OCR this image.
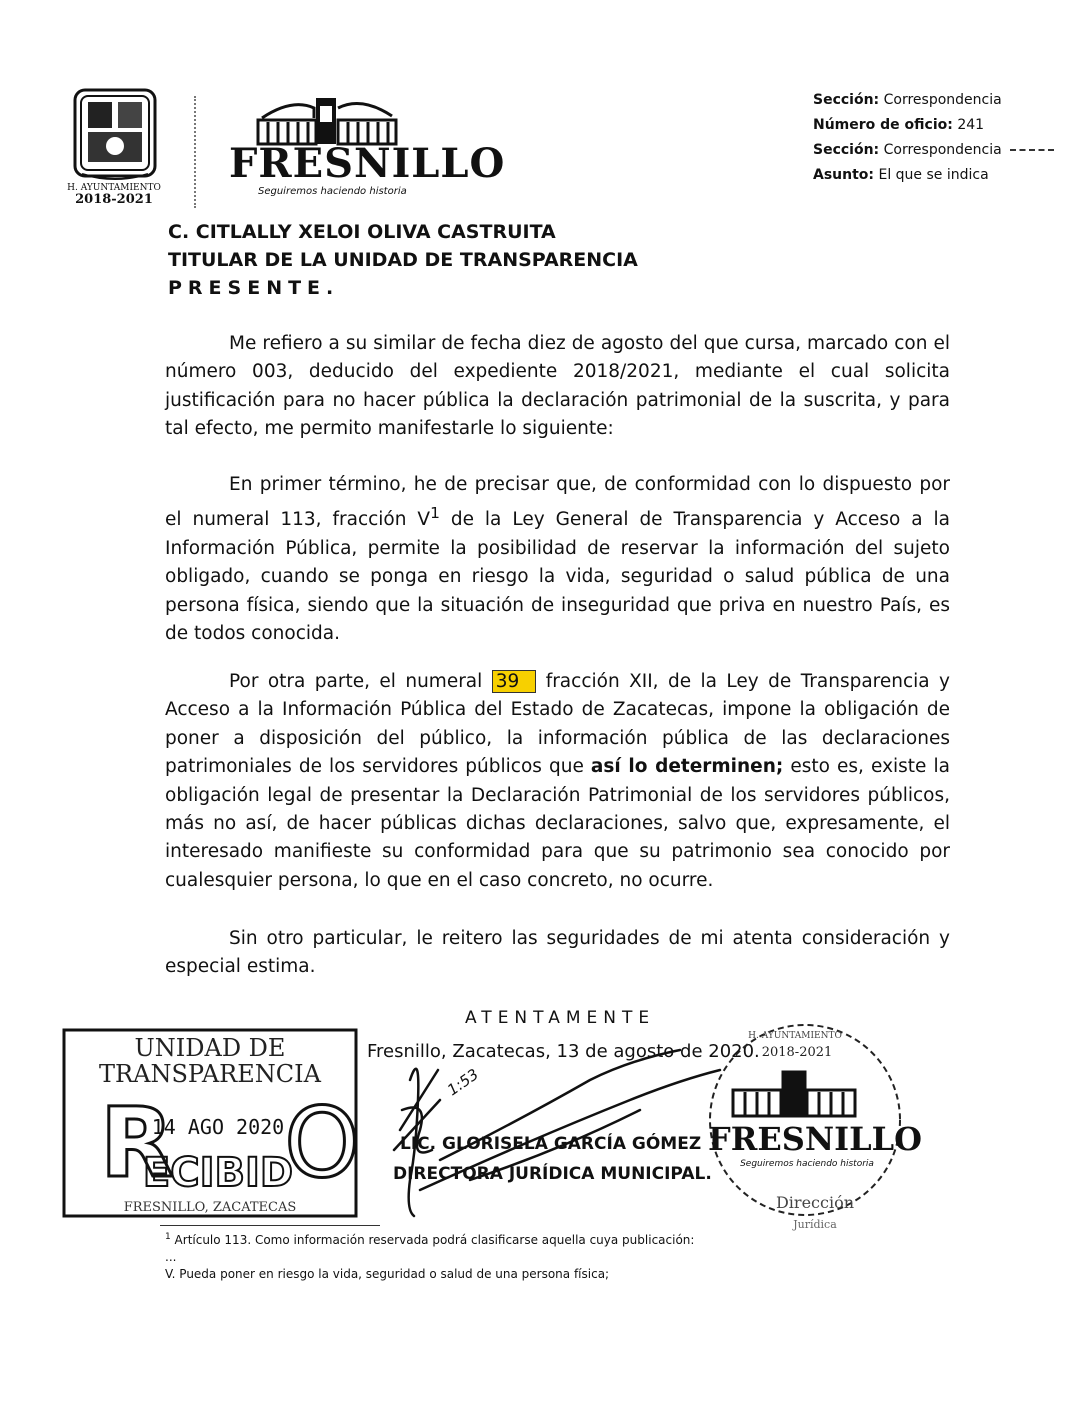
H. AYUNTAMIENTO
2018-2021
FRESNILLO
Seguiremos haciendo historia
Sección: Correspondencia
Número de oficio: 241
Sección: Correspondencia
Asunto: El que se indica
C. CITLALLY XELOI OLIVA CASTRUITA
TITULAR DE LA UNIDAD DE TRANSPARENCIA
PRESENTE.
Me refiero a su similar de fecha diez de agosto del que cursa, marcado con el número 003, deducido del expediente 2018/2021, mediante el cual solicita justificación para no hacer pública la declaración patrimonial de la suscrita, y para tal efecto, me permito manifestarle lo siguiente:
En primer término, he de precisar que, de conformidad con lo dispuesto por el numeral 113, fracción $V^1$ de la Ley General de Transparencia y Acceso a la Información Pública, permite la posibilidad de reservar la información del sujeto obligado, cuando se ponga en riesgo la vida, seguridad o salud pública de una persona física, siendo que la situación de inseguridad que priva en nuestro País, es de todos conocida.
Por otra parte, el numeral 39 fracción XII, de la Ley de Transparencia y Acceso a la Información Pública del Estado de Zacatecas, impone la obligación de poner a disposición del público, la información pública de las declaraciones patrimoniales de los servidores públicos que así lo determinen; esto es, existe la obligación legal de presentar la Declaración Patrimonial de los servidores públicos, más no así, de hacer públicas dichas declaraciones, salvo que, expresamente, el interesado manifieste su conformidad para que su patrimonio sea conocido por cualesquier persona, lo que en el caso concreto, no ocurre.
Sin otro particular, le reitero las seguridades de mi atenta consideración y especial estima.
ATENTAMENTE
Fresnillo, Zacatecas, 13 de agosto de 2020.
UNIDAD DE
TRANSPARENCIA
R
14 AGO 2020
ECIBID
O
FRESNILLO, ZACATECAS
H. AYUNTAMIENTO
2018-2021
FRESNILLO
Seguiremos haciendo historia
Dirección
Jurídica
1:53
LIC. GLORISELA GARCÍA GÓMEZ
DIRECTORA JURÍDICA MUNICIPAL.
$^1$ Artículo 113. Como información reservada podrá clasificarse aquella cuya publicación:
...
V. Pueda poner en riesgo la vida, seguridad o salud de una persona física;
